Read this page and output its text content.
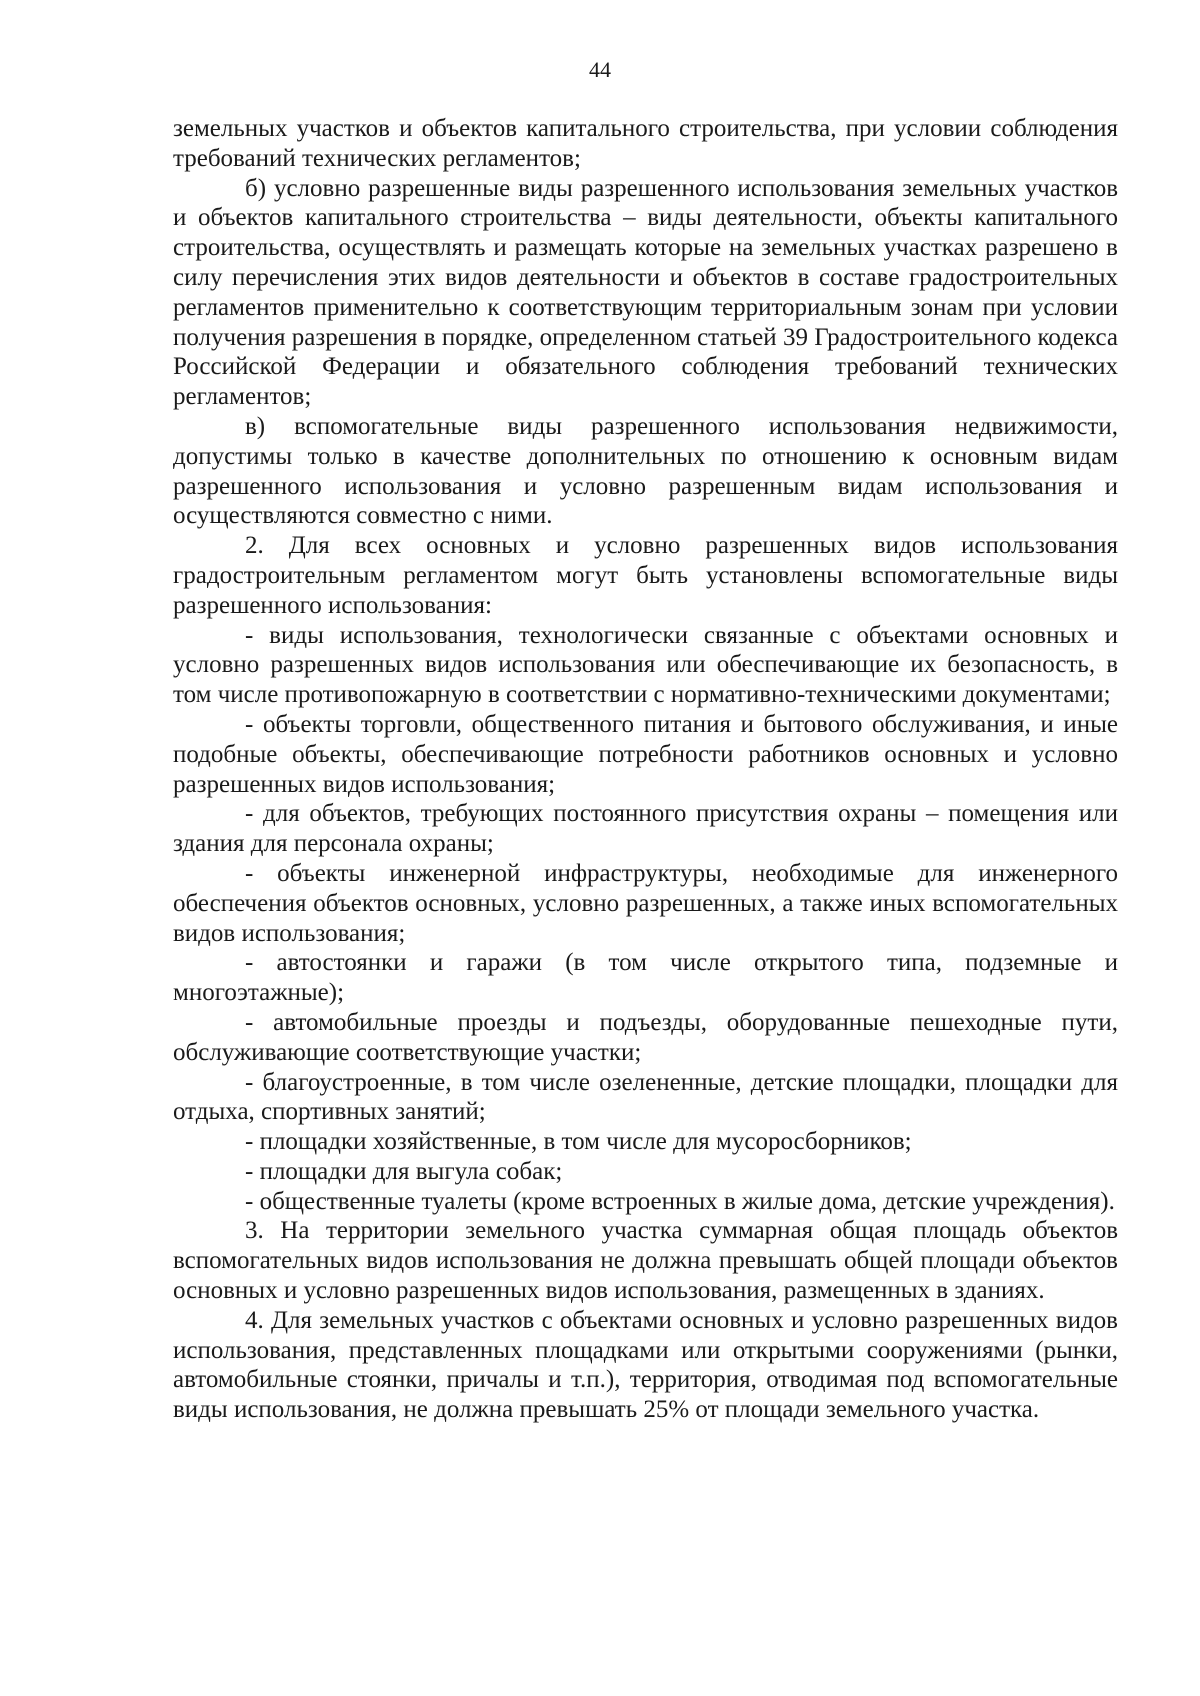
44

земельных участков и объектов капитального строительства, при условии соблюдения требований технических регламентов;

б) условно разрешенные виды разрешенного использования земельных участков и объектов капитального строительства – виды деятельности, объекты капитального строительства, осуществлять и размещать которые на земельных участках разрешено в силу перечисления этих видов деятельности и объектов в составе градостроительных регламентов применительно к соответствующим территориальным зонам при условии получения разрешения в порядке, определенном статьей 39 Градостроительного кодекса Российской Федерации и обязательного соблюдения требований технических регламентов;

в) вспомогательные виды разрешенного использования недвижимости, допустимы только в качестве дополнительных по отношению к основным видам разрешенного использования и условно разрешенным видам использования и осуществляются совместно с ними.

2. Для всех основных и условно разрешенных видов использования градостроительным регламентом могут быть установлены вспомогательные виды разрешенного использования:

- виды использования, технологически связанные с объектами основных и условно разрешенных видов использования или обеспечивающие их безопасность, в том числе противопожарную в соответствии с нормативно-техническими документами;

- объекты торговли, общественного питания и бытового обслуживания, и иные подобные объекты, обеспечивающие потребности работников основных и условно разрешенных видов использования;

- для объектов, требующих постоянного присутствия охраны – помещения или здания для персонала охраны;

- объекты инженерной инфраструктуры, необходимые для инженерного обеспечения объектов основных, условно разрешенных, а также иных вспомогательных видов использования;

- автостоянки и гаражи (в том числе открытого типа, подземные и многоэтажные);

- автомобильные проезды и подъезды, оборудованные пешеходные пути, обслуживающие соответствующие участки;

- благоустроенные, в том числе озелененные, детские площадки, площадки для отдыха, спортивных занятий;

- площадки хозяйственные, в том числе для мусоросборников;

- площадки для выгула собак;

- общественные туалеты (кроме встроенных в жилые дома, детские учреждения).

3. На территории земельного участка суммарная общая площадь объектов вспомогательных видов использования не должна превышать общей площади объектов основных и условно разрешенных видов использования, размещенных в зданиях.

4. Для земельных участков с объектами основных и условно разрешенных видов использования, представленных площадками или открытыми сооружениями (рынки, автомобильные стоянки, причалы и т.п.), территория, отводимая под вспомогательные виды использования, не должна превышать 25% от площади земельного участка.
